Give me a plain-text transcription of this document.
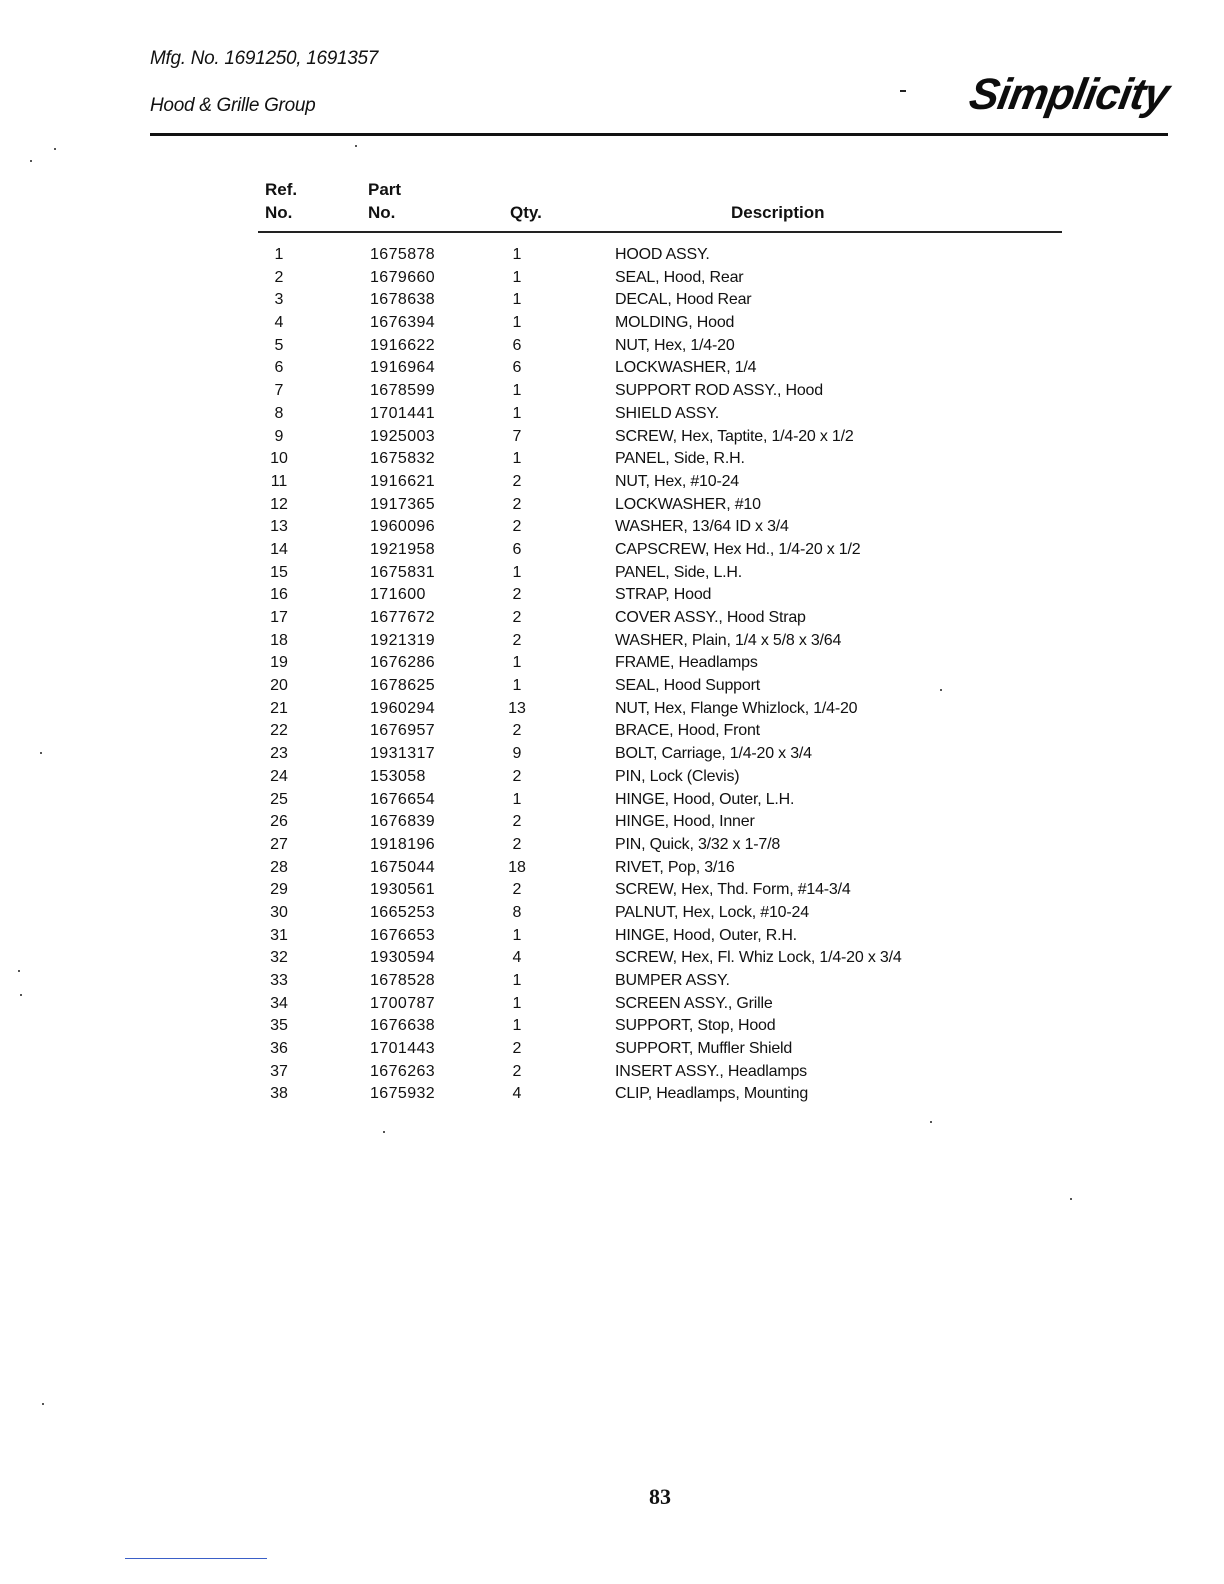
Mfg. No. 1691250, 1691357
Hood & Grille Group	Simplicity
Ref.
No.
Part
No.	Qty.	Description
1	1675878	1	HOOD ASSY.
2	1679660	1	SEAL, Hood, Rear
3	1678638	1	DECAL, Hood Rear
4	1676394	1	MOLDING, Hood
5	1916622	6	NUT, Hex, 1/4-20
6	1916964	6	LOCKWASHER, 1/4
7	1678599	1	SUPPORT ROD ASSY., Hood
8	1701441	1	SHIELD ASSY.
9	1925003	7	SCREW, Hex, Taptite, 1/4-20 x 1/2
10	1675832	1	PANEL, Side, R.H.
11	1916621	2	NUT, Hex, #10-24
12	1917365	2	LOCKWASHER, #10
13	1960096	2	WASHER, 13/64 ID x 3/4
14	1921958	6	CAPSCREW, Hex Hd., 1/4-20 x 1/2
15	1675831	1	PANEL, Side, L.H.
16	171600	2	STRAP, Hood
17	1677672	2	COVER ASSY., Hood Strap
18	1921319	2	WASHER, Plain, 1/4 x 5/8 x 3/64
19	1676286	1	FRAME, Headlamps
20	1678625	1	SEAL, Hood Support
21	1960294	13	NUT, Hex, Flange Whizlock, 1/4-20
22	1676957	2	BRACE, Hood, Front
23	1931317	9	BOLT, Carriage, 1/4-20 x 3/4
24	153058	2	PIN, Lock (Clevis)
25	1676654	1	HINGE, Hood, Outer, L.H.
26	1676839	2	HINGE, Hood, Inner
27	1918196	2	PIN, Quick, 3/32 x 1-7/8
28	1675044	18	RIVET, Pop, 3/16
29	1930561	2	SCREW, Hex, Thd. Form, #14-3/4
30	1665253	8	PALNUT, Hex, Lock, #10-24
31	1676653	1	HINGE, Hood, Outer, R.H.
32	1930594	4	SCREW, Hex, Fl. Whiz Lock, 1/4-20 x 3/4
33	1678528	1	BUMPER ASSY.
34	1700787	1	SCREEN ASSY., Grille
35	1676638	1	SUPPORT, Stop, Hood
36	1701443	2	SUPPORT, Muffler Shield
37	1676263	2	INSERT ASSY., Headlamps
38	1675932	4	CLIP, Headlamps, Mounting
83
